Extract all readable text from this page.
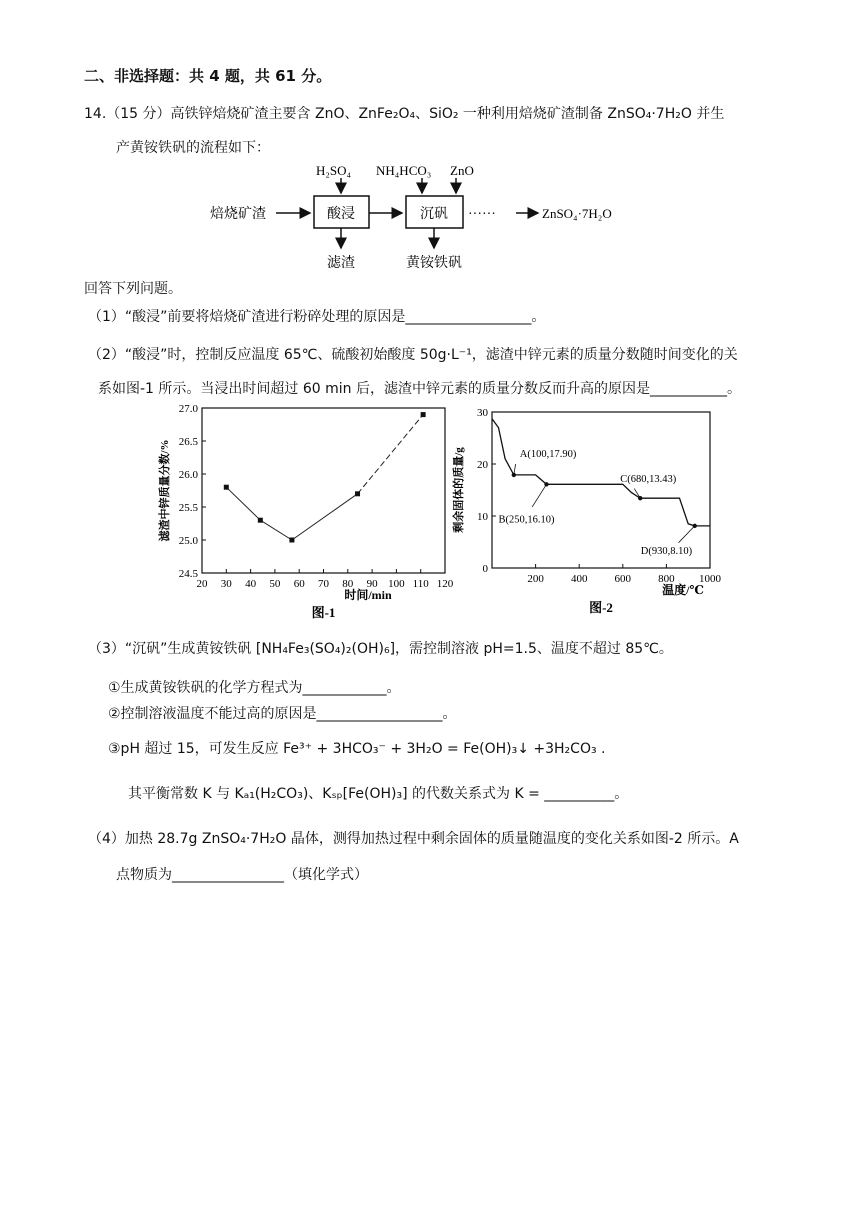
二、非选择题：共 4 题，共 61 分。
14.（15 分）高铁锌焙烧矿渣主要含 ZnO、ZnFe₂O₄、SiO₂ 一种利用焙烧矿渣制备 ZnSO₄·7H₂O 并生
产黄铵铁矾的流程如下：
焙烧矿渣	酸浸	沉矾 ······	ZnSO₄·7H₂O
H₂SO₄ NH₄HCO₃ ZnO
滤渣	黄铵铁矾
回答下列问题。
（1）“酸浸”前要将焙烧矿渣进行粉碎处理的原因是__________________。
（2）“酸浸”时，控制反应温度 65℃、硫酸初始酸度 50g·L⁻¹，滤渣中锌元素的质量分数随时间变化的关
系如图-1 所示。当浸出时间超过 60 min 后，滤渣中锌元素的质量分数反而升高的原因是___________。
20 30 40 50 60 70 80 90 100 110 120
24.5
25.0
25.5
26.0
26.5
27.0
时间/min
滤渣中锌质量分数/%
图-1
200 400 600 800 1000
0
10
20
30
温度/℃
剩余固体的质量/g
图-2
A(100,17.90)
B(250,16.10)
C(680,13.43)
D(930,8.10)
（3）“沉矾”生成黄铵铁矾 [NH₄Fe₃(SO₄)₂(OH)₆]，需控制溶液 pH=1.5、温度不超过 85℃。
①生成黄铵铁矾的化学方程式为____________。
②控制溶液温度不能过高的原因是__________________。
③pH 超过 15，可发生反应 Fe³⁺ + 3HCO₃⁻ + 3H₂O = Fe(OH)₃↓ +3H₂CO₃ .
其平衡常数 K 与 Kₐ₁(H₂CO₃)、Kₛₚ[Fe(OH)₃] 的代数关系式为 K = __________。
（4）加热 28.7g ZnSO₄·7H₂O 晶体，测得加热过程中剩余固体的质量随温度的变化关系如图-2 所示。A
点物质为________________（填化学式）
